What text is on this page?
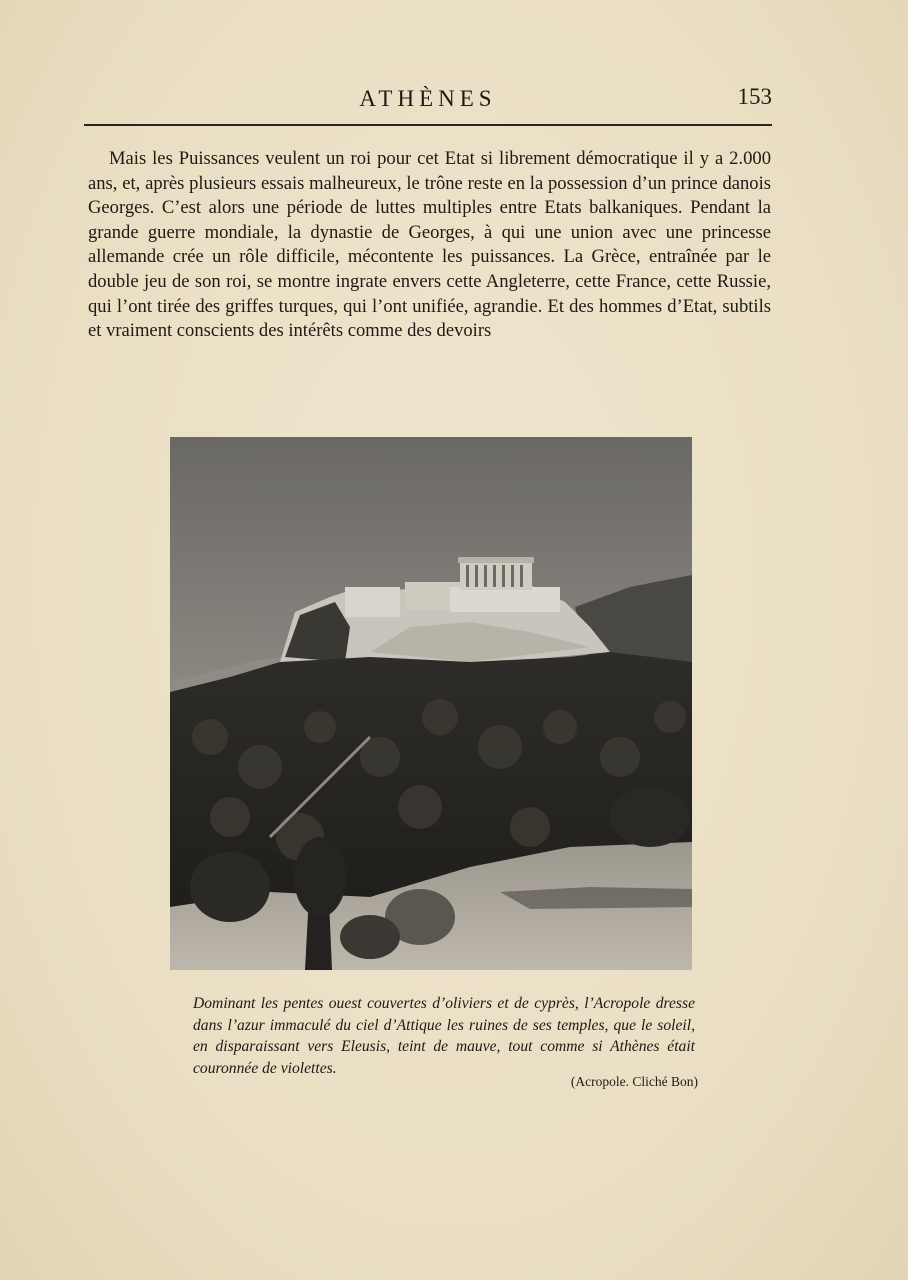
ATHÈNES	153

Mais les Puissances veulent un roi pour cet Etat si librement démocratique il y a 2.000 ans, et, après plusieurs essais malheureux, le trône reste en la possession d’un prince danois Georges. C’est alors une période de luttes multiples entre Etats balkaniques. Pendant la grande guerre mondiale, la dynastie de Georges, à qui une union avec une princesse allemande crée un rôle difficile, mécontente les puissances. La Grèce, entraînée par le double jeu de son roi, se montre ingrate envers cette Angleterre, cette France, cette Russie, qui l’ont tirée des griffes turques, qui l’ont unifiée, agrandie. Et des hommes d’Etat, subtils et vraiment conscients des intérêts comme des devoirs

Dominant les pentes ouest couvertes d’oliviers et de cyprès, l’Acropole dresse dans l’azur immaculé du ciel d’Attique les ruines de ses temples, que le soleil, en disparaissant vers Eleusis, teint de mauve, tout comme si Athènes était couronnée de violettes.

(Acropole. Cliché Bon)
